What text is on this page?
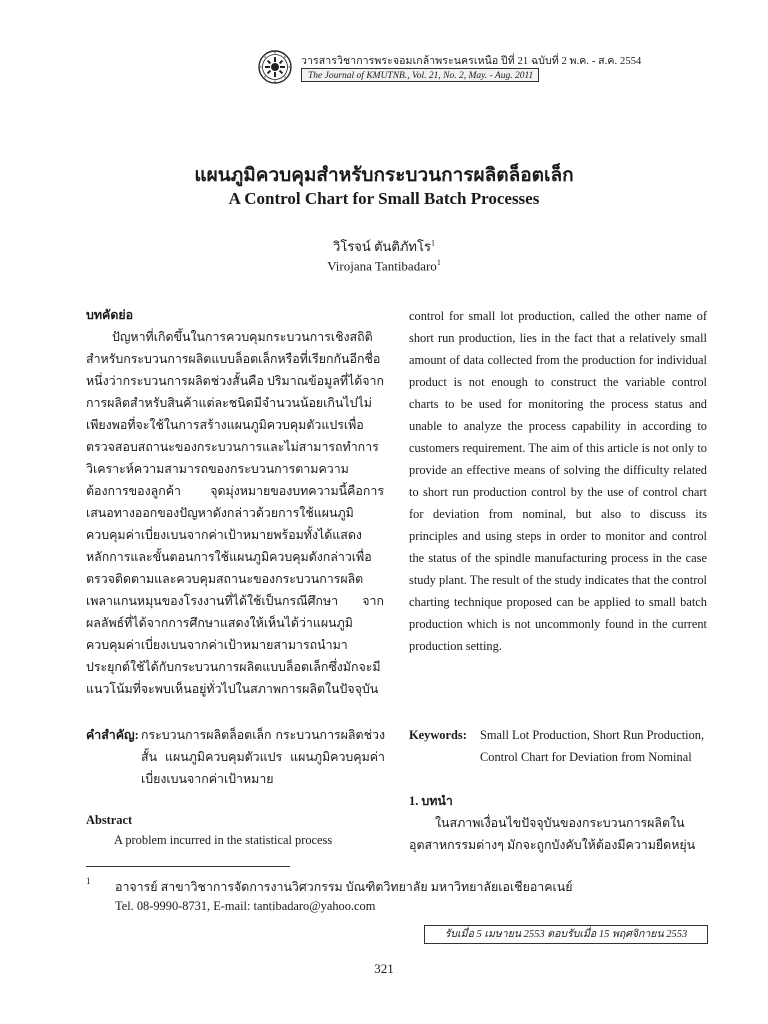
วารสารวิชาการพระจอมเกล้าพระนครเหนือ ปีที่ 21 ฉบับที่ 2 พ.ค. - ส.ค. 2554
The Journal of KMUTNB., Vol. 21, No. 2, May. - Aug. 2011
แผนภูมิควบคุมสำหรับกระบวนการผลิตล็อตเล็ก
A Control Chart for Small Batch Processes
วิโรจน์ ตันติภัทโร$^1$
Virojana Tantibadaro$^1$

บทคัดย่อ

ปัญหาที่เกิดขึ้นในการควบคุมกระบวนการเชิงสถิติสำหรับกระบวนการผลิตแบบล็อตเล็กหรือที่เรียกกันอีกชื่อหนึ่งว่ากระบวนการผลิตช่วงสั้นคือ ปริมาณข้อมูลที่ได้จากการผลิตสำหรับสินค้าแต่ละชนิดมีจำนวนน้อยเกินไปไม่เพียงพอที่จะใช้ในการสร้างแผนภูมิควบคุมตัวแปรเพื่อตรวจสอบสถานะของกระบวนการและไม่สามารถทำการวิเคราะห์ความสามารถของกระบวนการตามความต้องการของลูกค้า จุดมุ่งหมายของบทความนี้คือการเสนอทางออกของปัญหาดังกล่าวด้วยการใช้แผนภูมิควบคุมค่าเบี่ยงเบนจากค่าเป้าหมายพร้อมทั้งได้แสดงหลักการและขั้นตอนการใช้แผนภูมิควบคุมดังกล่าวเพื่อตรวจติดตามและควบคุมสถานะของกระบวนการผลิตเพลาแกนหมุนของโรงงานที่ได้ใช้เป็นกรณีศึกษา จากผลลัพธ์ที่ได้จากการศึกษาแสดงให้เห็นได้ว่าแผนภูมิควบคุมค่าเบี่ยงเบนจากค่าเป้าหมายสามารถนำมาประยุกต์ใช้ได้กับกระบวนการผลิตแบบล็อตเล็กซึ่งมักจะมีแนวโน้มที่จะพบเห็นอยู่ทั่วไปในสภาพการผลิตในปัจจุบัน

control for small lot production, called the other name of short run production, lies in the fact that a relatively small amount of data collected from the production for individual product is not enough to construct the variable control charts to be used for monitoring the process status and unable to analyze the process capability in according to customers requirement. The aim of this article is not only to provide an effective means of solving the difficulty related to short run production control by the use of control chart for deviation from nominal, but also to discuss its principles and using steps in order to monitor and control the status of the spindle manufacturing process in the case study plant. The result of the study indicates that the control charting technique proposed can be applied to small batch production which is not uncommonly found in the current production setting.
คำสำคัญ: กระบวนการผลิตล็อตเล็ก กระบวนการผลิตช่วงสั้น แผนภูมิควบคุมตัวแปร แผนภูมิควบคุมค่าเบี่ยงเบนจากค่าเป้าหมาย
Keywords: Small Lot Production, Short Run Production, Control Chart for Deviation from Nominal
Abstract
A problem incurred in the statistical process
1. บทนำ
ในสภาพเงื่อนไขปัจจุบันของกระบวนการผลิตในอุตสาหกรรมต่างๆ มักจะถูกบังคับให้ต้องมีความยืดหยุ่น
1 อาจารย์ สาขาวิชาการจัดการงานวิศวกรรม บัณฑิตวิทยาลัย มหาวิทยาลัยเอเชียอาคเนย์
Tel. 08-9990-8731, E-mail: tantibadaro@yahoo.com
รับเมื่อ 5 เมษายน 2553 ตอบรับเมื่อ 15 พฤศจิกายน 2553
321
